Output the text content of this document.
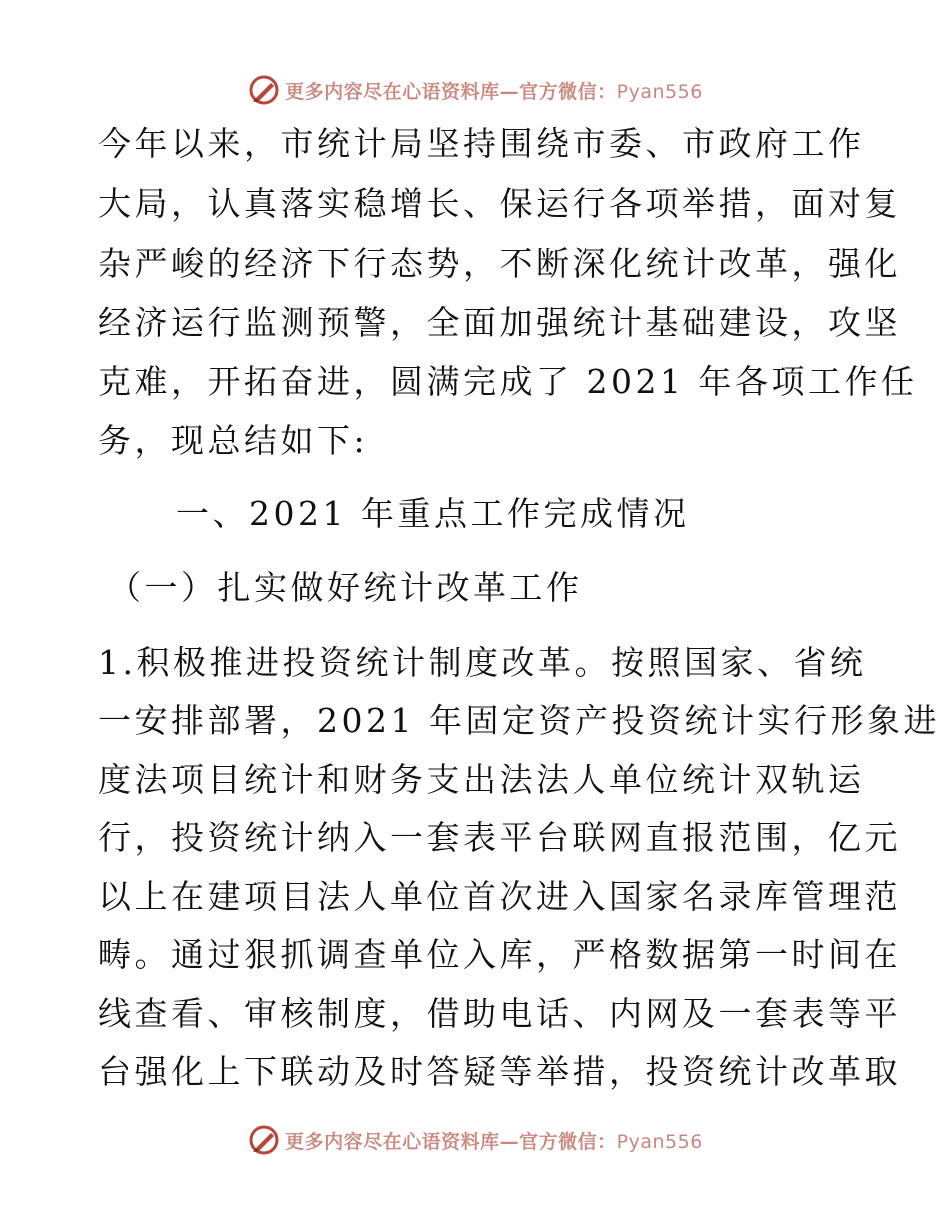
更多内容尽在心语资料库—官方微信：Pyan556
今年以来，市统计局坚持围绕市委、市政府工作
大局，认真落实稳增长、保运行各项举措，面对复
杂严峻的经济下行态势，不断深化统计改革，强化
经济运行监测预警，全面加强统计基础建设，攻坚
克难，开拓奋进，圆满完成了 2021 年各项工作任
务，现总结如下:
一、2021 年重点工作完成情况
（一）扎实做好统计改革工作
1.积极推进投资统计制度改革。按照国家、省统
一安排部署，2021 年固定资产投资统计实行形象进
度法项目统计和财务支出法法人单位统计双轨运
行，投资统计纳入一套表平台联网直报范围，亿元
以上在建项目法人单位首次进入国家名录库管理范
畴。通过狠抓调查单位入库，严格数据第一时间在
线查看、审核制度，借助电话、内网及一套表等平
台强化上下联动及时答疑等举措，投资统计改革取
更多内容尽在心语资料库—官方微信：Pyan556
